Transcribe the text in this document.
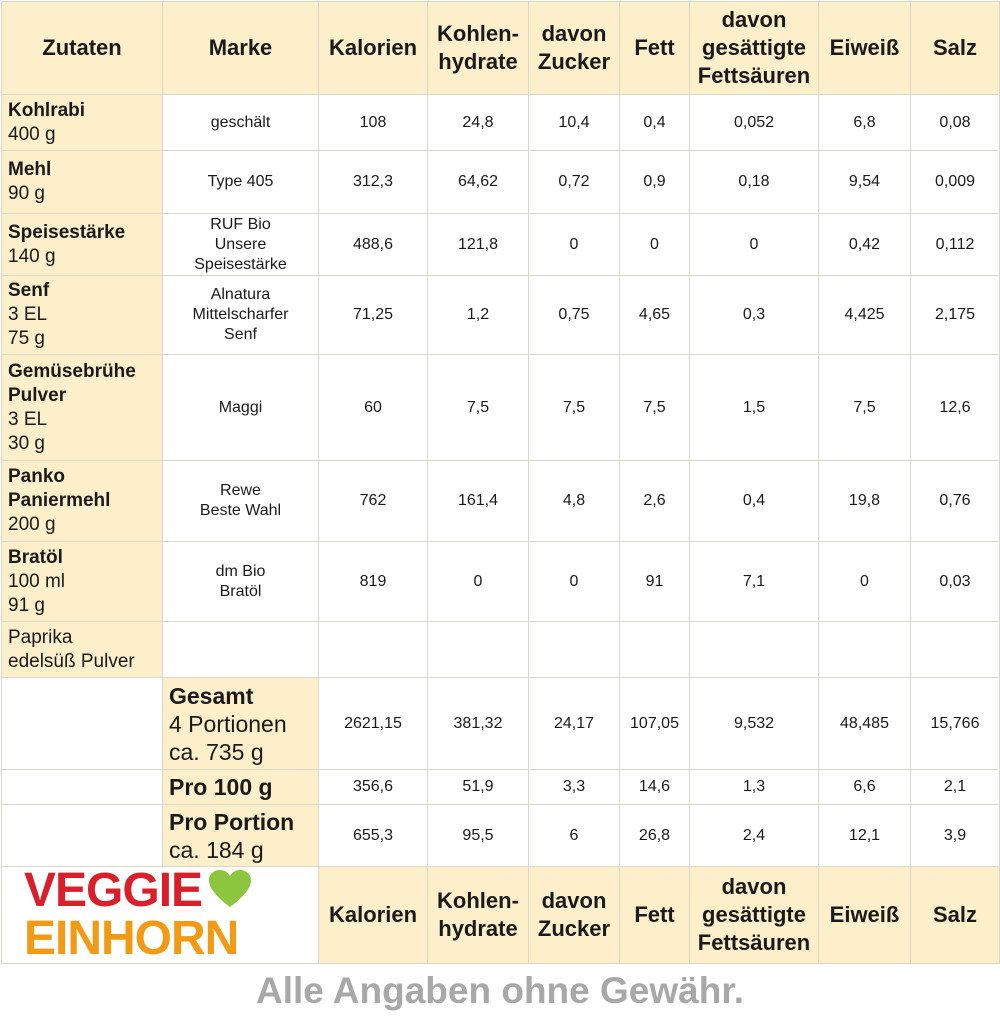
Zutaten	Marke	Kalorien	Kohlen-
hydrate	davon
Zucker	Fett	davon
gesättigte
Fettsäuren	Eiweiß	Salz

Kohlrabi
400 g	geschält	108	24,8	10,4	0,4	0,052	6,8	0,08

Mehl
90 g	Type 405	312,3	64,62	0,72	0,9	0,18	9,54	0,009

Speisestärke
140 g	RUF Bio
Unsere
Speisestärke	488,6	121,8	0	0	0	0,42	0,112

Senf
3 EL
75 g	Alnatura
Mittelscharfer
Senf	71,25	1,2	0,75	4,65	0,3	4,425	2,175

Gemüsebrühe
Pulver
3 EL
30 g	Maggi	60	7,5	7,5	7,5	1,5	7,5	12,6

Panko
Paniermehl
200 g	Rewe
Beste Wahl	762	161,4	4,8	2,6	0,4	19,8	0,76

Bratöl
100 ml
91 g	dm Bio
Bratöl	819	0	0	91	7,1	0	0,03

Paprika
edelsüß Pulver								

	Gesamt
4 Portionen
ca. 735 g	2621,15	381,32	24,17	107,05	9,532	48,485	15,766

	Pro 100 g	356,6	51,9	3,3	14,6	1,3	6,6	2,1

	Pro Portion
ca. 184 g	655,3	95,5	6	26,8	2,4	12,1	3,9

VEGGIE
EINHORN		Kalorien	Kohlen-
hydrate	davon
Zucker	Fett	davon
gesättigte
Fettsäuren	Eiweiß	Salz
Alle Angaben ohne Gewähr.
